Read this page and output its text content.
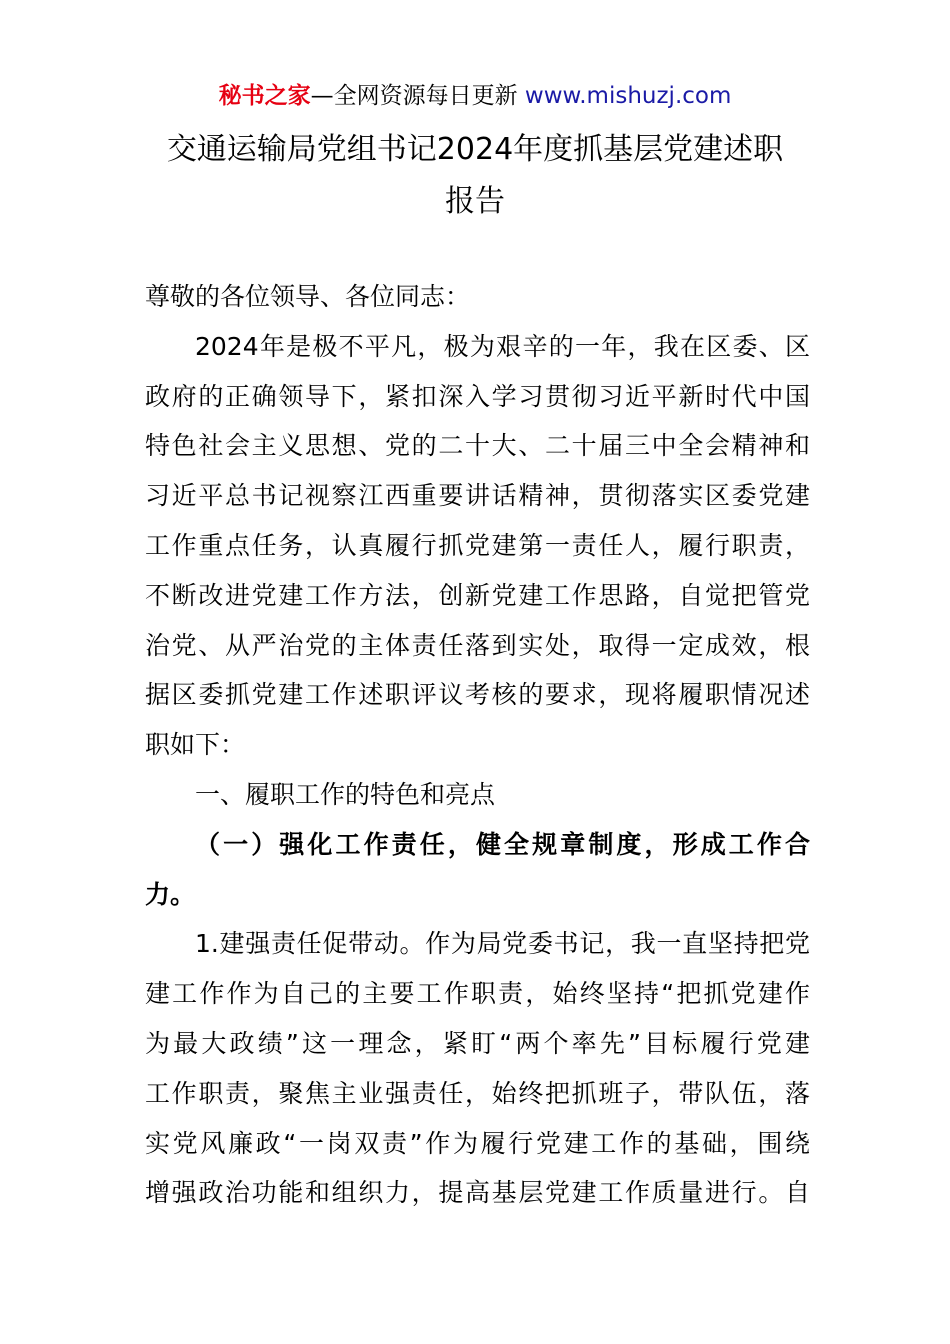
秘书之家—全网资源每日更新 www.mishuzj.com
交通运输局党组书记2024年度抓基层党建述职
报告

尊敬的各位领导、各位同志：

2024年是极不平凡，极为艰辛的一年，我在区委、区
政府的正确领导下，紧扣深入学习贯彻习近平新时代中国
特色社会主义思想、党的二十大、二十届三中全会精神和
习近平总书记视察江西重要讲话精神，贯彻落实区委党建
工作重点任务，认真履行抓党建第一责任人，履行职责，
不断改进党建工作方法，创新党建工作思路，自觉把管党
治党、从严治党的主体责任落到实处，取得一定成效，根
据区委抓党建工作述职评议考核的要求，现将履职情况述
职如下：

一、履职工作的特色和亮点

（一）强化工作责任，健全规章制度，形成工作合
力。

1.建强责任促带动。作为局党委书记，我一直坚持把党
建工作作为自己的主要工作职责，始终坚持“把抓党建作
为最大政绩”这一理念，紧盯“两个率先”目标履行党建
工作职责，聚焦主业强责任，始终把抓班子，带队伍，落
实党风廉政“一岗双责”作为履行党建工作的基础，围绕
增强政治功能和组织力，提高基层党建工作质量进行。自
